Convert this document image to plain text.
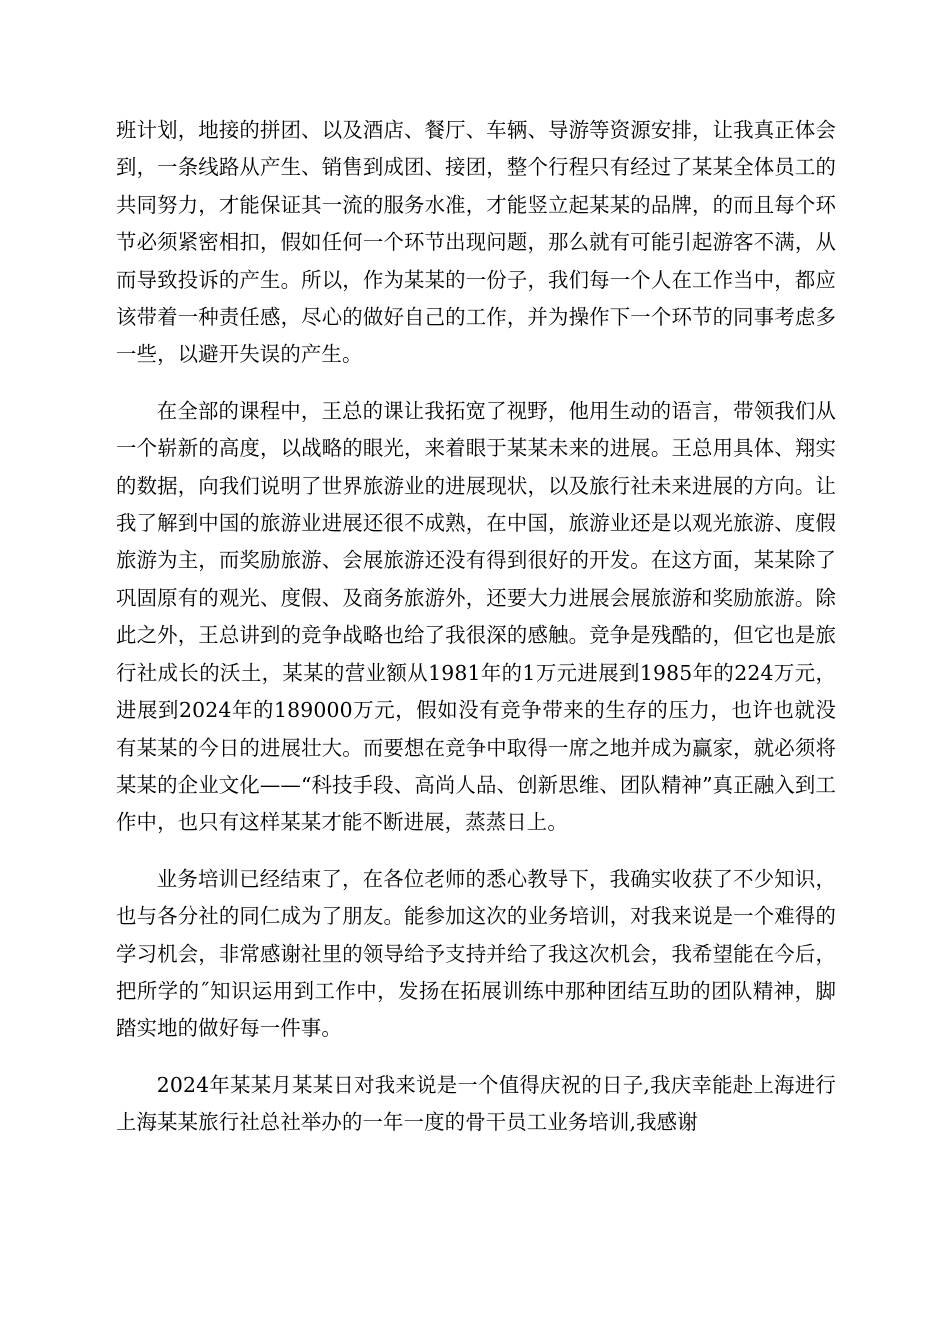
班计划，地接的拼团、以及酒店、餐厅、车辆、导游等资源安排，让我真正体会到，一条线路从产生、销售到成团、接团，整个行程只有经过了某某全体员工的共同努力，才能保证其一流的服务水准，才能竖立起某某的品牌，的而且每个环节必须紧密相扣，假如任何一个环节出现问题，那么就有可能引起游客不满，从而导致投诉的产生。所以，作为某某的一份子，我们每一个人在工作当中，都应该带着一种责任感，尽心的做好自己的工作，并为操作下一个环节的同事考虑多一些，以避开失误的产生。

在全部的课程中，王总的课让我拓宽了视野，他用生动的语言，带领我们从一个崭新的高度，以战略的眼光，来着眼于某某未来的进展。王总用具体、翔实的数据，向我们说明了世界旅游业的进展现状，以及旅行社未来进展的方向。让我了解到中国的旅游业进展还很不成熟，在中国，旅游业还是以观光旅游、度假旅游为主，而奖励旅游、会展旅游还没有得到很好的开发。在这方面，某某除了巩固原有的观光、度假、及商务旅游外，还要大力进展会展旅游和奖励旅游。除此之外，王总讲到的竞争战略也给了我很深的感触。竞争是残酷的，但它也是旅行社成长的沃土，某某的营业额从1981年的1万元进展到1985年的224万元，进展到2024年的189000万元，假如没有竞争带来的生存的压力，也许也就没有某某的今日的进展壮大。而要想在竞争中取得一席之地并成为赢家，就必须将某某的企业文化——“科技手段、高尚人品、创新思维、团队精神”真正融入到工作中，也只有这样某某才能不断进展，蒸蒸日上。

业务培训已经结束了，在各位老师的悉心教导下，我确实收获了不少知识，也与各分社的同仁成为了朋友。能参加这次的业务培训，对我来说是一个难得的学习机会，非常感谢社里的领导给予支持并给了我这次机会，我希望能在今后，把所学的˝知识运用到工作中，发扬在拓展训练中那种团结互助的团队精神，脚踏实地的做好每一件事。

2024年某某月某某日对我来说是一个值得庆祝的日子,我庆幸能赴上海进行上海某某旅行社总社举办的一年一度的骨干员工业务培训,我感谢
